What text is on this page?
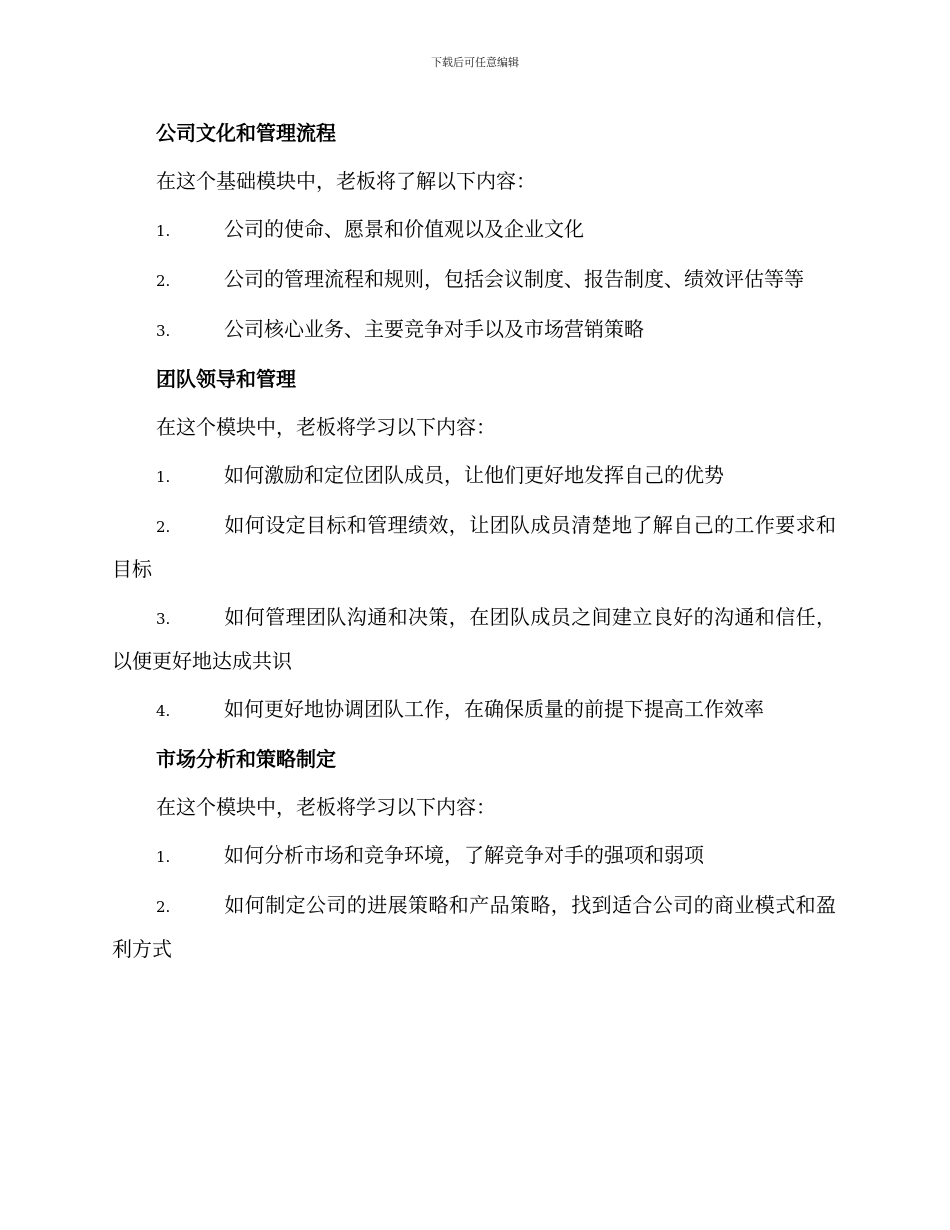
下载后可任意编辑
公司文化和管理流程
在这个基础模块中，老板将了解以下内容：
1.	公司的使命、愿景和价值观以及企业文化
2.	公司的管理流程和规则，包括会议制度、报告制度、绩效评估等等
3.	公司核心业务、主要竞争对手以及市场营销策略
团队领导和管理
在这个模块中，老板将学习以下内容：
1.	如何激励和定位团队成员，让他们更好地发挥自己的优势
2.	如何设定目标和管理绩效，让团队成员清楚地了解自己的工作要求和目标
3.	如何管理团队沟通和决策，在团队成员之间建立良好的沟通和信任，以便更好地达成共识
4.	如何更好地协调团队工作，在确保质量的前提下提高工作效率
市场分析和策略制定
在这个模块中，老板将学习以下内容：
1.	如何分析市场和竞争环境，了解竞争对手的强项和弱项
2.	如何制定公司的进展策略和产品策略，找到适合公司的商业模式和盈利方式
